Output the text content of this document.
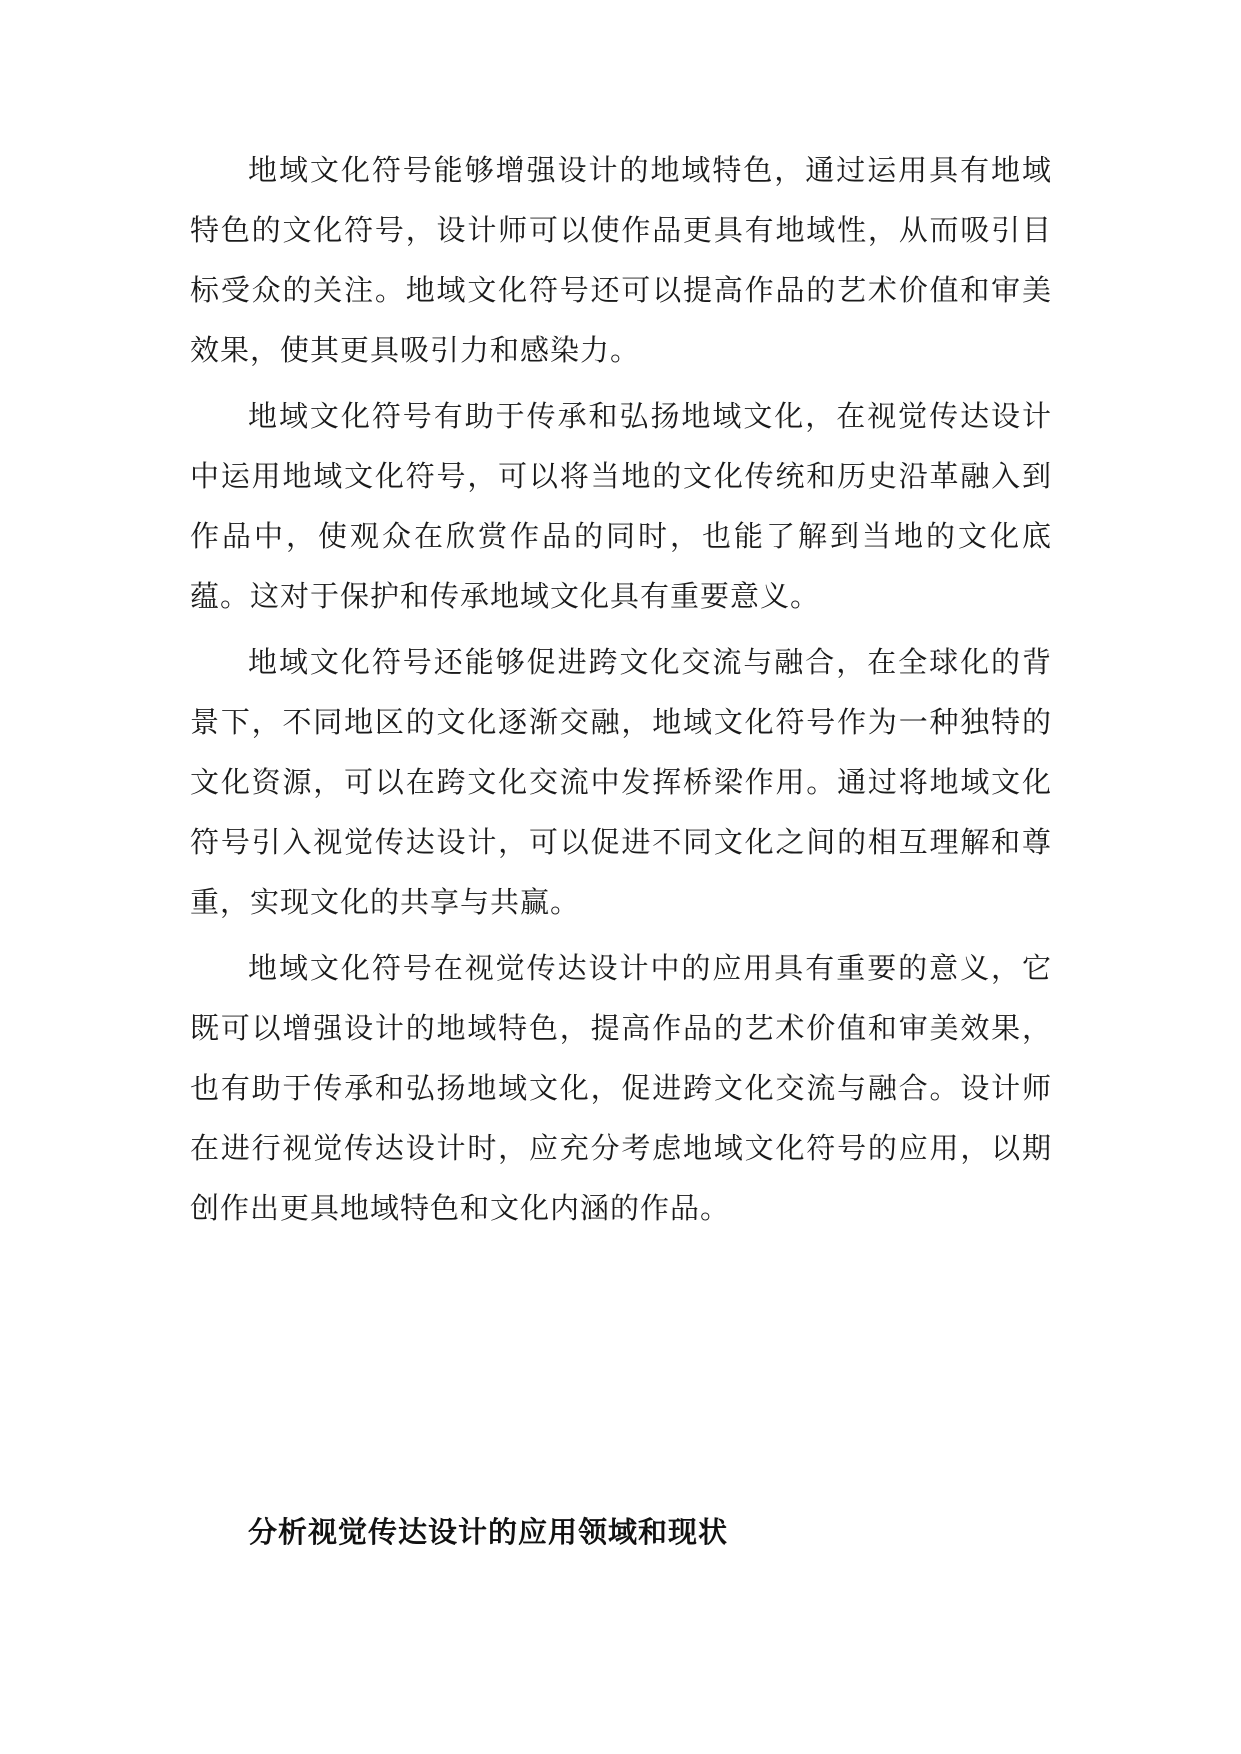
地域文化符号能够增强设计的地域特色，通过运用具有地域特色的文化符号，设计师可以使作品更具有地域性，从而吸引目标受众的关注。地域文化符号还可以提高作品的艺术价值和审美效果，使其更具吸引力和感染力。

地域文化符号有助于传承和弘扬地域文化，在视觉传达设计中运用地域文化符号，可以将当地的文化传统和历史沿革融入到作品中，使观众在欣赏作品的同时，也能了解到当地的文化底蕴。这对于保护和传承地域文化具有重要意义。

地域文化符号还能够促进跨文化交流与融合，在全球化的背景下，不同地区的文化逐渐交融，地域文化符号作为一种独特的文化资源，可以在跨文化交流中发挥桥梁作用。通过将地域文化符号引入视觉传达设计，可以促进不同文化之间的相互理解和尊重，实现文化的共享与共赢。

地域文化符号在视觉传达设计中的应用具有重要的意义，它既可以增强设计的地域特色，提高作品的艺术价值和审美效果，也有助于传承和弘扬地域文化，促进跨文化交流与融合。设计师在进行视觉传达设计时，应充分考虑地域文化符号的应用，以期创作出更具地域特色和文化内涵的作品。

分析视觉传达设计的应用领域和现状
